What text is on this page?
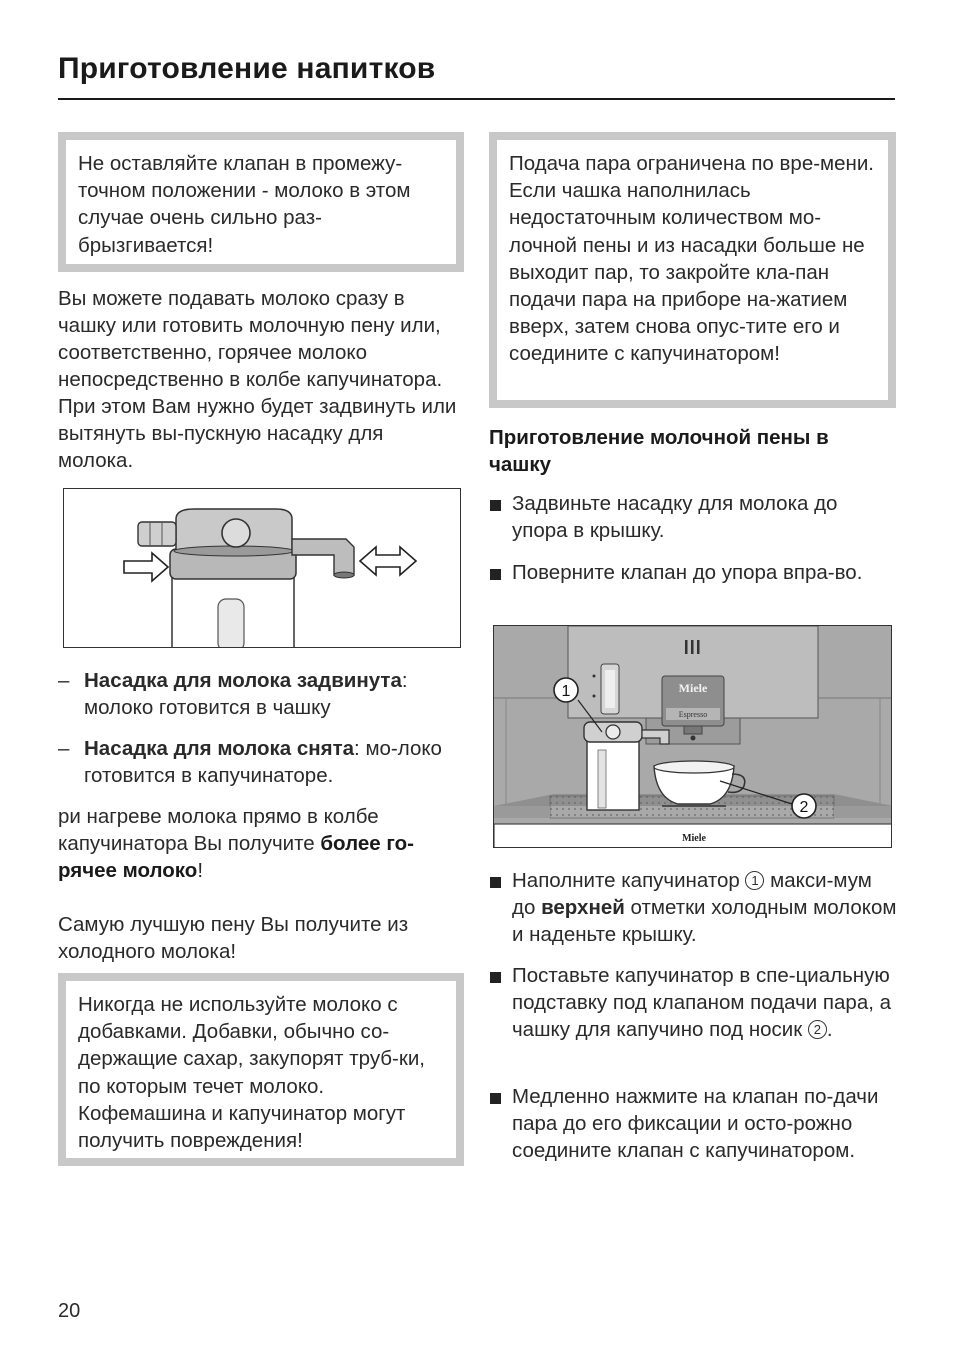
Приготовление напитков

Не оставляйте клапан в промежу-точном положении - молоко в этом случае очень сильно раз-брызгивается!

Вы можете подавать молоко сразу в чашку или готовить молочную пену или, соответственно, горячее молоко непосредственно в колбе капучинатора. При этом Вам нужно будет задвинуть или вытянуть вы-пускную насадку для молока.

– Насадка для молока задвинута: молоко готовится в чашку
– Насадка для молока снята: мо-локо готовится в капучинаторе.

ри нагреве молока прямо в колбе капучинатора Вы получите более го-рячее молоко!

Самую лучшую пену Вы получите из холодного молока!

Никогда не используйте молоко с добавками. Добавки, обычно со-держащие сахар, закупорят труб-ки, по которым течет молоко. Кофемашина и капучинатор могут получить повреждения!

Подача пара ограничена по вре-мени. Если чашка наполнилась недостаточным количеством мо-лочной пены и из насадки больше не выходит пар, то закройте кла-пан подачи пара на приборе на-жатием вверх, затем снова опус-тите его и соедините с капучинатором!

Приготовление молочной пены в чашку
Задвиньте насадку для молока до упора в крышку.
Поверните клапан до упора впра-во.
Miele
Espresso
Miele
1
2
Наполните капучинатор 1 макси-мум до верхней отметки холодным молоком и наденьте крышку.
Поставьте капучинатор в спе-циальную подставку под клапаном подачи пара, а чашку для капучино под носик 2 .
Медленно нажмите на клапан по-дачи пара до его фиксации и осто-рожно соедините клапан с капучинатором.
20
